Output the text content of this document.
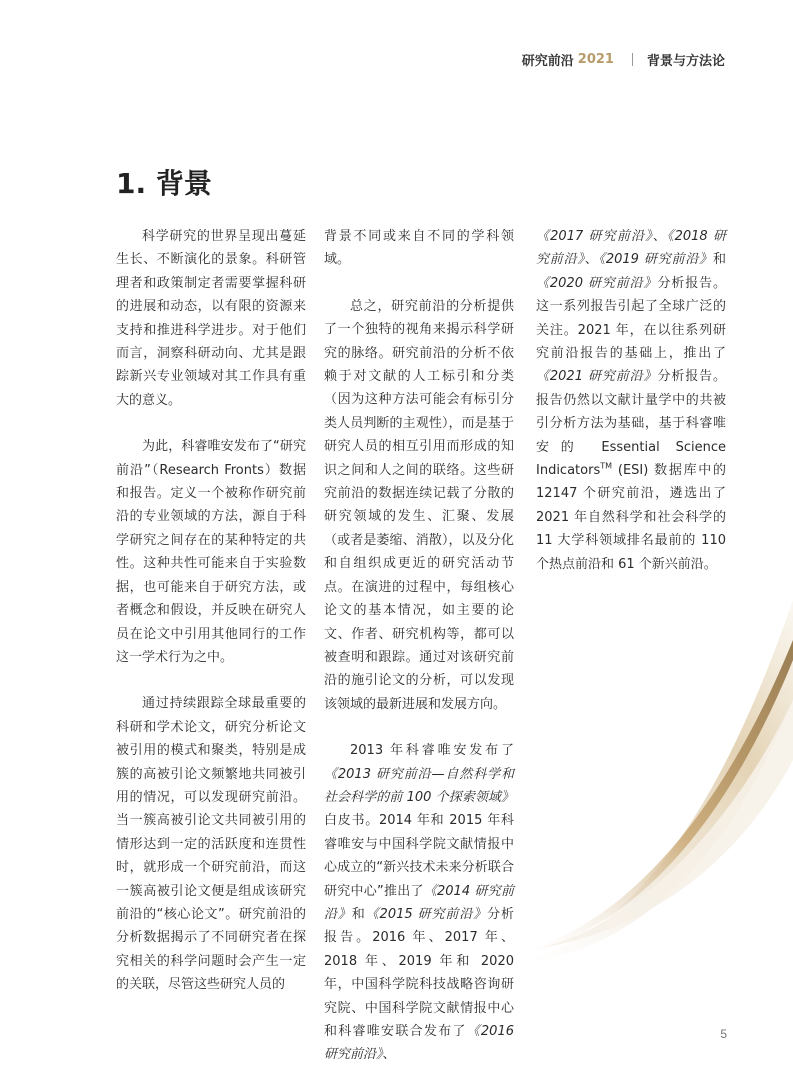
研究前沿 2021	背景与方法论
1. 背景

科学研究的世界呈现出蔓延生长、不断演化的景象。科研管理者和政策制定者需要掌握科研的进展和动态，以有限的资源来支持和推进科学进步。对于他们而言，洞察科研动向、尤其是跟踪新兴专业领域对其工作具有重大的意义。

为此，科睿唯安发布了“研究前沿”（Research Fronts）数据和报告。定义一个被称作研究前沿的专业领域的方法，源自于科学研究之间存在的某种特定的共性。这种共性可能来自于实验数据，也可能来自于研究方法，或者概念和假设，并反映在研究人员在论文中引用其他同行的工作这一学术行为之中。

通过持续跟踪全球最重要的科研和学术论文，研究分析论文被引用的模式和聚类，特别是成簇的高被引论文频繁地共同被引用的情况，可以发现研究前沿。当一簇高被引论文共同被引用的情形达到一定的活跃度和连贯性时，就形成一个研究前沿，而这一簇高被引论文便是组成该研究前沿的“核心论文”。研究前沿的分析数据揭示了不同研究者在探究相关的科学问题时会产生一定的关联，尽管这些研究人员的

背景不同或来自不同的学科领域。

总之，研究前沿的分析提供了一个独特的视角来揭示科学研究的脉络。研究前沿的分析不依赖于对文献的人工标引和分类（因为这种方法可能会有标引分类人员判断的主观性），而是基于研究人员的相互引用而形成的知识之间和人之间的联络。这些研究前沿的数据连续记载了分散的研究领域的发生、汇聚、发展（或者是萎缩、消散），以及分化和自组织成更近的研究活动节点。在演进的过程中，每组核心论文的基本情况，如主要的论文、作者、研究机构等，都可以被查明和跟踪。通过对该研究前沿的施引论文的分析，可以发现该领域的最新进展和发展方向。

2013 年科睿唯安发布了《2013 研究前沿—自然科学和社会科学的前 100 个探索领域》白皮书。2014 年和 2015 年科睿唯安与中国科学院文献情报中心成立的“新兴技术未来分析联合研究中心”推出了《2014 研究前沿》和《2015 研究前沿》分析报告。2016 年、2017 年、2018 年、2019 年和 2020 年，中国科学院科技战略咨询研究院、中国科学院文献情报中心和科睿唯安联合发布了《2016 研究前沿》、

《2017 研究前沿》、《2018 研究前沿》、《2019 研究前沿》和《2020 研究前沿》分析报告。这一系列报告引起了全球广泛的关注。2021 年，在以往系列研究前沿报告的基础上，推出了《2021 研究前沿》分析报告。报告仍然以文献计量学中的共被引分析方法为基础，基于科睿唯安的 Essential Science Indicators™ (ESI) 数据库中的 12147 个研究前沿，遴选出了 2021 年自然科学和社会科学的 11 大学科领域排名最前的 110 个热点前沿和 61 个新兴前沿。

5
